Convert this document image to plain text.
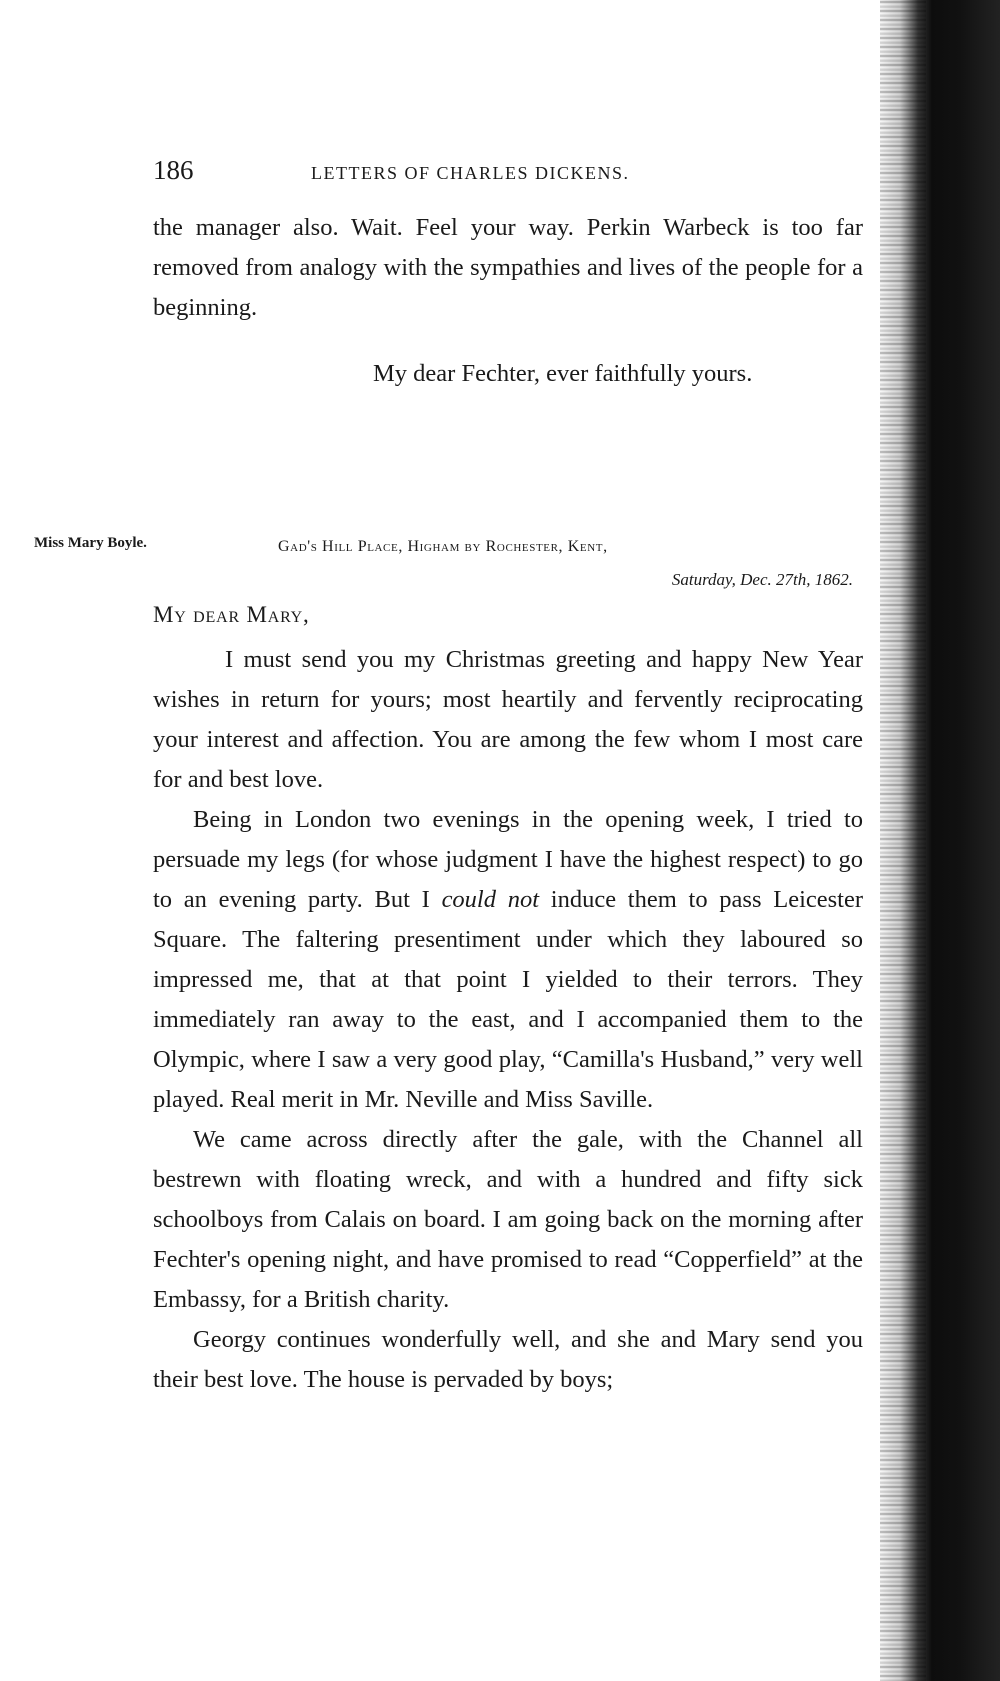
186	LETTERS OF CHARLES DICKENS.

the manager also. Wait. Feel your way. Perkin Warbeck is too far removed from analogy with the sympathies and lives of the people for a beginning.

My dear Fechter, ever faithfully yours.
Miss Mary Boyle.	Gad's Hill Place, Higham by Rochester, Kent,
Saturday, Dec. 27th, 1862.
My dear Mary,

I must send you my Christmas greeting and happy New Year wishes in return for yours; most heartily and fervently reciprocating your interest and affection. You are among the few whom I most care for and best love.

Being in London two evenings in the opening week, I tried to persuade my legs (for whose judgment I have the highest respect) to go to an evening party. But I could not induce them to pass Leicester Square. The faltering presentiment under which they laboured so impressed me, that at that point I yielded to their terrors. They immediately ran away to the east, and I accompanied them to the Olympic, where I saw a very good play, “Camilla's Husband,” very well played. Real merit in Mr. Neville and Miss Saville.

We came across directly after the gale, with the Channel all bestrewn with floating wreck, and with a hundred and fifty sick schoolboys from Calais on board. I am going back on the morning after Fechter's opening night, and have promised to read “Copperfield” at the Embassy, for a British charity.

Georgy continues wonderfully well, and she and Mary send you their best love. The house is pervaded by boys;
